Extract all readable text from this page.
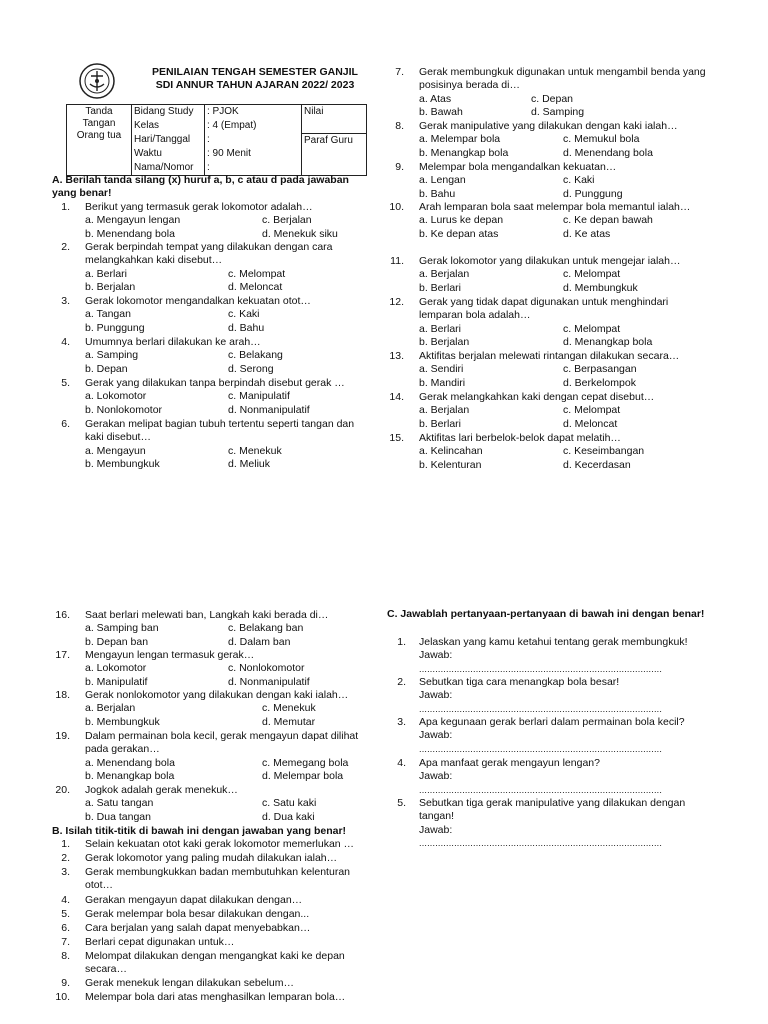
PENILAIAN TENGAH SEMESTER GANJIL
SDI ANNUR TAHUN AJARAN 2022/ 2023
Tanda Tangan Orang tua	Bidang Study	: PJOK	Nilai
	Kelas	: 4 (Empat)	
	Hari/Tanggal	:	Paraf Guru
	Waktu	: 90 Menit	
	Nama/Nomor	:	
A. Berilah tanda silang (x) huruf a, b, c atau d pada jawaban yang benar!
1. Berikut yang termasuk gerak lokomotor adalah…
a. Mengayun lengan
b. Menendang bola
c. Berjalan
d. Menekuk siku
2. Gerak berpindah tempat yang dilakukan dengan cara melangkahkan kaki disebut…
a. Berlari
b. Berjalan
c. Melompat
d. Meloncat
3. Gerak lokomotor mengandalkan kekuatan otot…
a. Tangan
b. Punggung
c. Kaki
d. Bahu
4. Umumnya berlari dilakukan ke arah…
a. Samping
b. Depan
c. Belakang
d. Serong
5. Gerak yang dilakukan tanpa berpindah disebut gerak …
a. Lokomotor
b. Nonlokomotor
c. Manipulatif
d. Nonmanipulatif
6. Gerakan melipat bagian tubuh tertentu seperti tangan dan kaki disebut…
a. Mengayun
b. Membungkuk
c. Menekuk
d. Meliuk
7. Gerak membungkuk digunakan untuk mengambil benda yang posisinya berada di…
a. Atas
b. Bawah
c. Depan
d. Samping
8. Gerak manipulative yang dilakukan dengan kaki ialah…
a. Melempar bola
b. Menangkap bola
c. Memukul bola
d. Menendang bola
9. Melempar bola mengandalkan kekuatan…
a. Lengan
b. Bahu
c. Kaki
d. Punggung
10. Arah lemparan bola saat melempar bola memantul ialah…
a. Lurus ke depan
b. Ke depan atas
c. Ke depan bawah
d. Ke atas
11. Gerak lokomotor yang dilakukan untuk mengejar ialah…
a. Berjalan
b. Berlari
c. Melompat
d. Membungkuk
12. Gerak yang tidak dapat digunakan untuk menghindari lemparan bola adalah…
a. Berlari
b. Berjalan
c. Melompat
d. Menangkap bola
13. Aktifitas berjalan melewati rintangan dilakukan secara…
a. Sendiri
b. Mandiri
c. Berpasangan
d. Berkelompok
14. Gerak melangkahkan kaki dengan cepat disebut…
a. Berjalan
b. Berlari
c. Melompat
d. Meloncat
15. Aktifitas lari berbelok-belok dapat melatih…
a. Kelincahan
b. Kelenturan
c. Keseimbangan
d. Kecerdasan
16. Saat berlari melewati ban, Langkah kaki berada di…
a. Samping ban
b. Depan ban
c. Belakang ban
d. Dalam ban
17. Mengayun lengan termasuk gerak…
a. Lokomotor
b. Manipulatif
c. Nonlokomotor
d. Nonmanipulatif
18. Gerak nonlokomotor yang dilakukan dengan kaki ialah…
a. Berjalan
b. Membungkuk
c. Menekuk
d. Memutar
19. Dalam permainan bola kecil, gerak mengayun dapat dilihat pada gerakan…
a. Menendang bola
b. Menangkap bola
c. Memegang bola
d. Melempar bola
20. Jogkok adalah gerak menekuk…
a. Satu tangan
b. Dua tangan
c. Satu kaki
d. Dua kaki
B. Isilah titik-titik di bawah ini dengan jawaban yang benar!
1. Selain kekuatan otot kaki gerak lokomotor memerlukan …
2. Gerak lokomotor yang paling mudah dilakukan ialah…
3. Gerak membungkukkan badan membutuhkan kelenturan otot…
4. Gerakan mengayun dapat dilakukan dengan…
5. Gerak melempar bola besar dilakukan dengan...
6. Cara berjalan yang salah dapat menyebabkan…
7. Berlari cepat digunakan untuk…
8. Melompat dilakukan dengan mengangkat kaki ke depan secara…
9. Gerak menekuk lengan dilakukan sebelum…
10. Melempar bola dari atas menghasilkan lemparan bola…
C. Jawablah pertanyaan-pertanyaan di bawah ini dengan benar!
1. Jelaskan yang kamu ketahui tentang gerak membungkuk!
Jawab:
..........................................................................................
2. Sebutkan tiga cara menangkap bola besar!
Jawab:
..........................................................................................
3. Apa kegunaan gerak berlari dalam permainan bola kecil?
Jawab:
..........................................................................................
4. Apa manfaat gerak mengayun lengan?
Jawab:
..........................................................................................
5. Sebutkan tiga gerak manipulative yang dilakukan dengan tangan!
Jawab:
..........................................................................................
